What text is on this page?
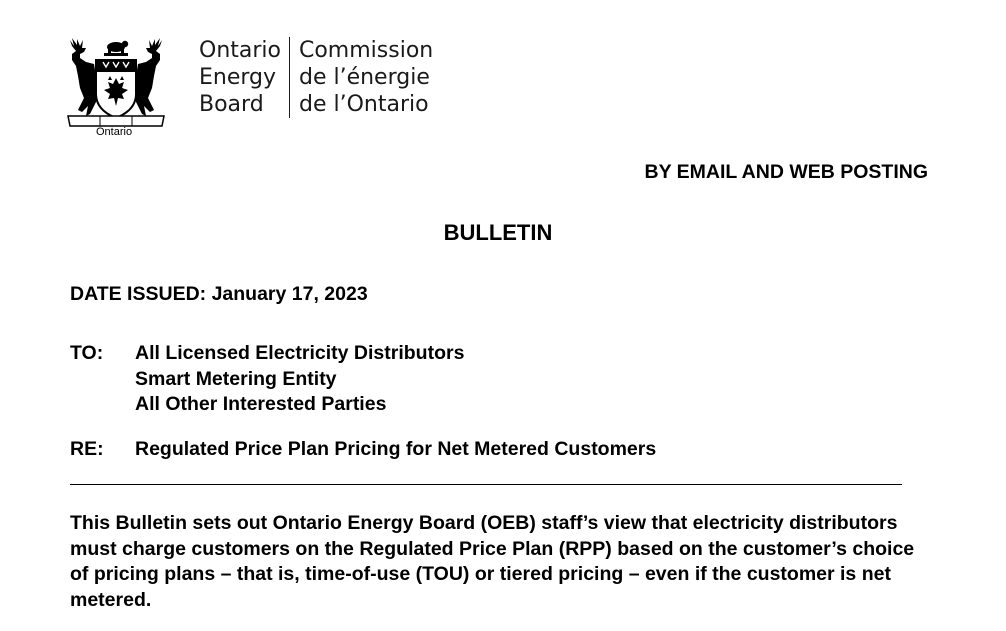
Ontario
Ontario
Energy
Board
Commission
de l’énergie
de l’Ontario
BY EMAIL AND WEB POSTING
BULLETIN
DATE ISSUED: January 17, 2023
TO: All Licensed Electricity Distributors
Smart Metering Entity
All Other Interested Parties
RE: Regulated Price Plan Pricing for Net Metered Customers
This Bulletin sets out Ontario Energy Board (OEB) staff’s view that electricity distributors must charge customers on the Regulated Price Plan (RPP) based on the customer’s choice of pricing plans – that is, time-of-use (TOU) or tiered pricing – even if the customer is net metered.
